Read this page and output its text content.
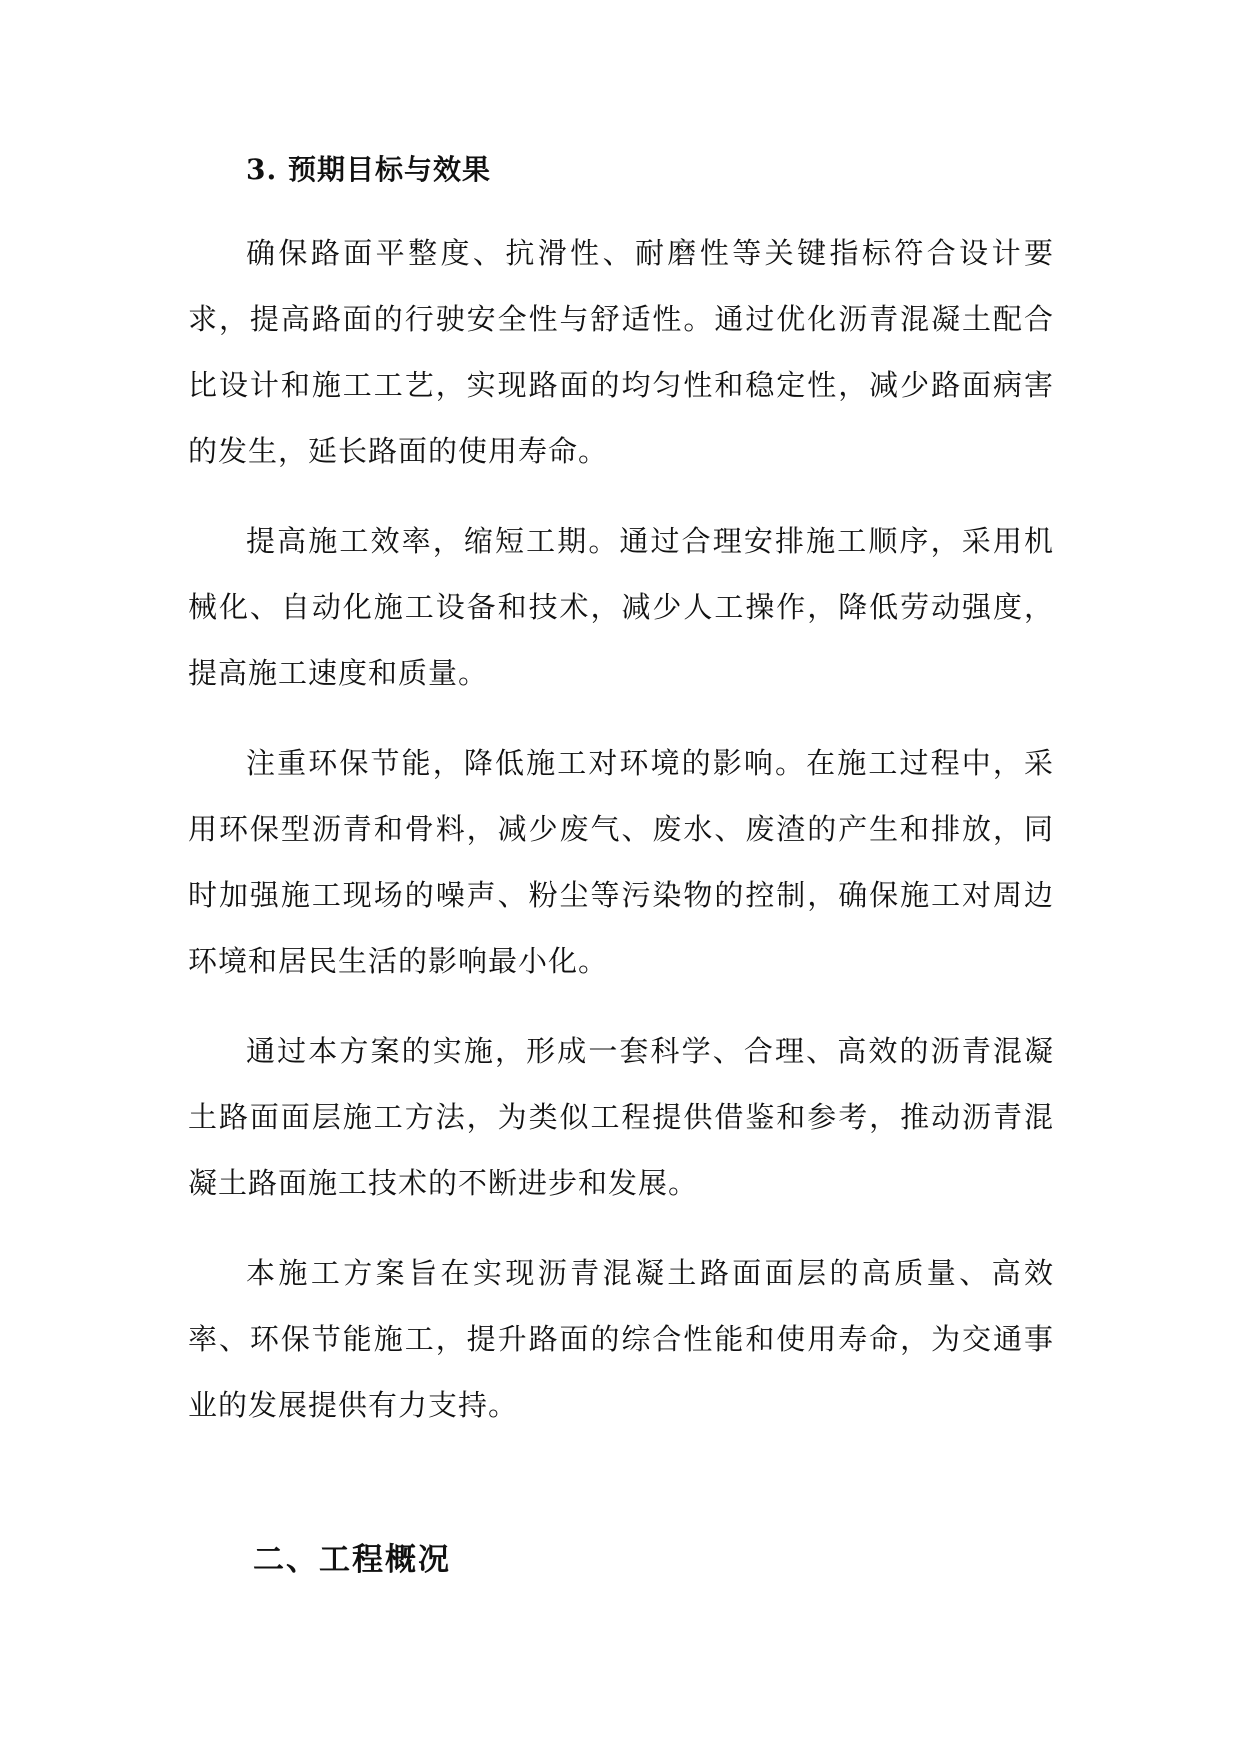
3. 预期目标与效果

确保路面平整度、抗滑性、耐磨性等关键指标符合设计要求，提高路面的行驶安全性与舒适性。通过优化沥青混凝土配合比设计和施工工艺，实现路面的均匀性和稳定性，减少路面病害的发生，延长路面的使用寿命。

提高施工效率，缩短工期。通过合理安排施工顺序，采用机械化、自动化施工设备和技术，减少人工操作，降低劳动强度，提高施工速度和质量。

注重环保节能，降低施工对环境的影响。在施工过程中，采用环保型沥青和骨料，减少废气、废水、废渣的产生和排放，同时加强施工现场的噪声、粉尘等污染物的控制，确保施工对周边环境和居民生活的影响最小化。

通过本方案的实施，形成一套科学、合理、高效的沥青混凝土路面面层施工方法，为类似工程提供借鉴和参考，推动沥青混凝土路面施工技术的不断进步和发展。

本施工方案旨在实现沥青混凝土路面面层的高质量、高效率、环保节能施工，提升路面的综合性能和使用寿命，为交通事业的发展提供有力支持。

二、工程概况
